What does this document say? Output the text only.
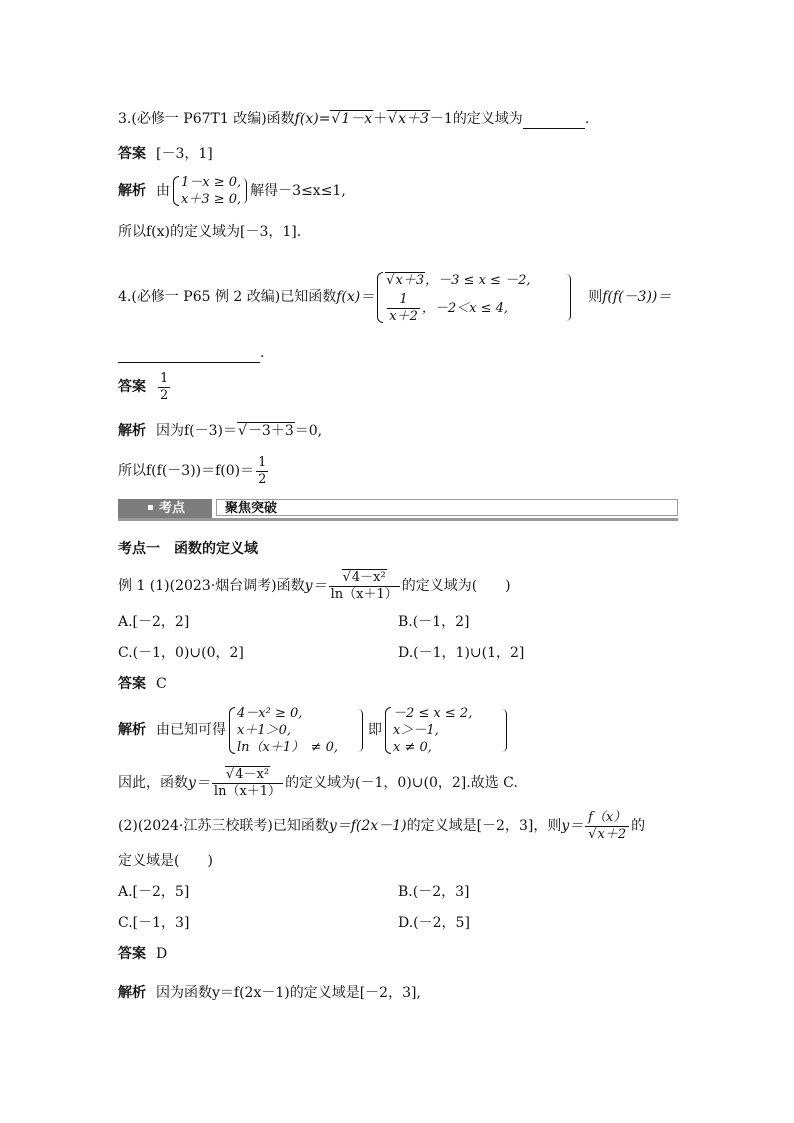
3.(必修一 P67T1 改编)函数f(x)= √ 1－x＋ √ x＋3－1的定义域为	.
答案 [－3，1]
解析 由
1－x ≥ 0,
x＋3 ≥ 0,
解得－3≤x≤1,
所以f(x)的定义域为[－3，1].
4.(必修一 P65 例 2 改编)已知函数f(x)＝
√ x＋3，－3 ≤ x ≤ －2,
$\frac{1}{x+2}$ ，－2＜x ≤ 4,
则f(f(－3))＝
.
答案 $\frac{1}{2}$
解析 因为f(－3)＝ √ －3＋3＝0,
所以$f(f(-3))=f(0)= \frac{1}{2}$
考点	聚焦突破
考点一 函数的定义域
例 1 (1)(2023·烟台调考)函数y＝ √ $\frac{\text{4－x²}}{\ln(x+1)}$ 的定义域为(　　)
A.[－2，2]	B.(－1，2]
C.(－1，0)∪(0，2]	D.(－1，1)∪(1，2]
答案 C
解析 由已知可得
4－x² ≥ 0,
x＋1＞0,
ln（x＋1）　≠ 0,
即
－2 ≤ x ≤ 2,
x＞－1,
x ≠ 0,
因此，函数y＝ √ $\frac{\text{4－x²}}{\ln(x+1)}$ 的定义域为(－1，0)∪(0，2].故选 C.
(2)(2024·江苏三校联考)已知函数y＝f(2x－1)的定义域是[－2，3]，则y＝ f（x）
√ x＋2 的
定义域是(　　)
A.[－2，5]	B.(－2，3]
C.[－1，3]	D.(－2，5]
答案 D
解析 因为函数y＝f(2x－1)的定义域是[－2，3],
